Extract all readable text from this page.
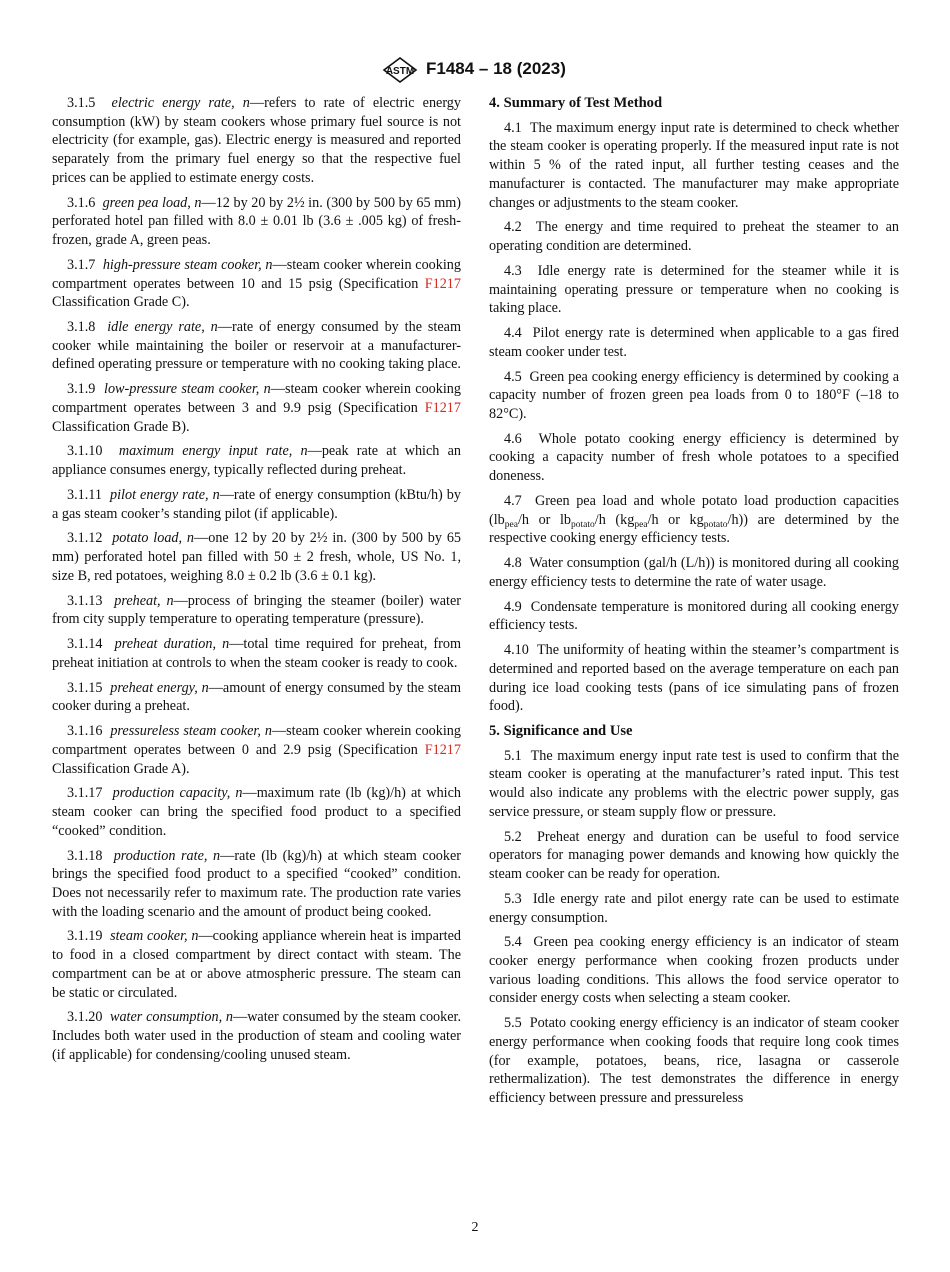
ASTM F1484 – 18 (2023)

3.1.5 electric energy rate, n—refers to rate of electric energy consumption (kW) by steam cookers whose primary fuel source is not electricity (for example, gas). Electric energy is measured and reported separately from the primary fuel energy so that the respective fuel prices can be applied to estimate energy costs.

3.1.6 green pea load, n—12 by 20 by 2½ in. (300 by 500 by 65 mm) perforated hotel pan filled with 8.0 ± 0.01 lb (3.6 ± .005 kg) of fresh-frozen, grade A, green peas.

3.1.7 high-pressure steam cooker, n—steam cooker wherein cooking compartment operates between 10 and 15 psig (Specification F1217 Classification Grade C).

3.1.8 idle energy rate, n—rate of energy consumed by the steam cooker while maintaining the boiler or reservoir at a manufacturer-defined operating pressure or temperature with no cooking taking place.

3.1.9 low-pressure steam cooker, n—steam cooker wherein cooking compartment operates between 3 and 9.9 psig (Specification F1217 Classification Grade B).

3.1.10 maximum energy input rate, n—peak rate at which an appliance consumes energy, typically reflected during preheat.

3.1.11 pilot energy rate, n—rate of energy consumption (kBtu/h) by a gas steam cooker’s standing pilot (if applicable).

3.1.12 potato load, n—one 12 by 20 by 2½ in. (300 by 500 by 65 mm) perforated hotel pan filled with 50 ± 2 fresh, whole, US No. 1, size B, red potatoes, weighing 8.0 ± 0.2 lb (3.6 ± 0.1 kg).

3.1.13 preheat, n—process of bringing the steamer (boiler) water from city supply temperature to operating temperature (pressure).

3.1.14 preheat duration, n—total time required for preheat, from preheat initiation at controls to when the steam cooker is ready to cook.

3.1.15 preheat energy, n—amount of energy consumed by the steam cooker during a preheat.

3.1.16 pressureless steam cooker, n—steam cooker wherein cooking compartment operates between 0 and 2.9 psig (Specification F1217 Classification Grade A).

3.1.17 production capacity, n—maximum rate (lb (kg)/h) at which steam cooker can bring the specified food product to a specified “cooked” condition.

3.1.18 production rate, n—rate (lb (kg)/h) at which steam cooker brings the specified food product to a specified “cooked” condition. Does not necessarily refer to maximum rate. The production rate varies with the loading scenario and the amount of product being cooked.

3.1.19 steam cooker, n—cooking appliance wherein heat is imparted to food in a closed compartment by direct contact with steam. The compartment can be at or above atmospheric pressure. The steam can be static or circulated.

3.1.20 water consumption, n—water consumed by the steam cooker. Includes both water used in the production of steam and cooling water (if applicable) for condensing/cooling unused steam.

4. Summary of Test Method

4.1 The maximum energy input rate is determined to check whether the steam cooker is operating properly. If the measured input rate is not within 5 % of the rated input, all further testing ceases and the manufacturer is contacted. The manufacturer may make appropriate changes or adjustments to the steam cooker.

4.2 The energy and time required to preheat the steamer to an operating condition are determined.

4.3 Idle energy rate is determined for the steamer while it is maintaining operating pressure or temperature when no cooking is taking place.

4.4 Pilot energy rate is determined when applicable to a gas fired steam cooker under test.

4.5 Green pea cooking energy efficiency is determined by cooking a capacity number of frozen green pea loads from 0 to 180°F (–18 to 82°C).

4.6 Whole potato cooking energy efficiency is determined by cooking a capacity number of fresh whole potatoes to a specified doneness.

4.7 Green pea load and whole potato load production capacities ($lb_{pea}/h$ or $lb_{potato}/h$ ($kg_{pea}/h$ or $kg_{potato}/h$)) are determined by the respective cooking energy efficiency tests.

4.8 Water consumption (gal/h (L/h)) is monitored during all cooking energy efficiency tests to determine the rate of water usage.

4.9 Condensate temperature is monitored during all cooking energy efficiency tests.

4.10 The uniformity of heating within the steamer’s compartment is determined and reported based on the average temperature on each pan during ice load cooking tests (pans of ice simulating pans of frozen food).

5. Significance and Use

5.1 The maximum energy input rate test is used to confirm that the steam cooker is operating at the manufacturer’s rated input. This test would also indicate any problems with the electric power supply, gas service pressure, or steam supply flow or pressure.

5.2 Preheat energy and duration can be useful to food service operators for managing power demands and knowing how quickly the steam cooker can be ready for operation.

5.3 Idle energy rate and pilot energy rate can be used to estimate energy consumption.

5.4 Green pea cooking energy efficiency is an indicator of steam cooker energy performance when cooking frozen products under various loading conditions. This allows the food service operator to consider energy costs when selecting a steam cooker.

5.5 Potato cooking energy efficiency is an indicator of steam cooker energy performance when cooking foods that require long cook times (for example, potatoes, beans, rice, lasagna or casserole rethermalization). The test demonstrates the difference in energy efficiency between pressure and pressureless

2
